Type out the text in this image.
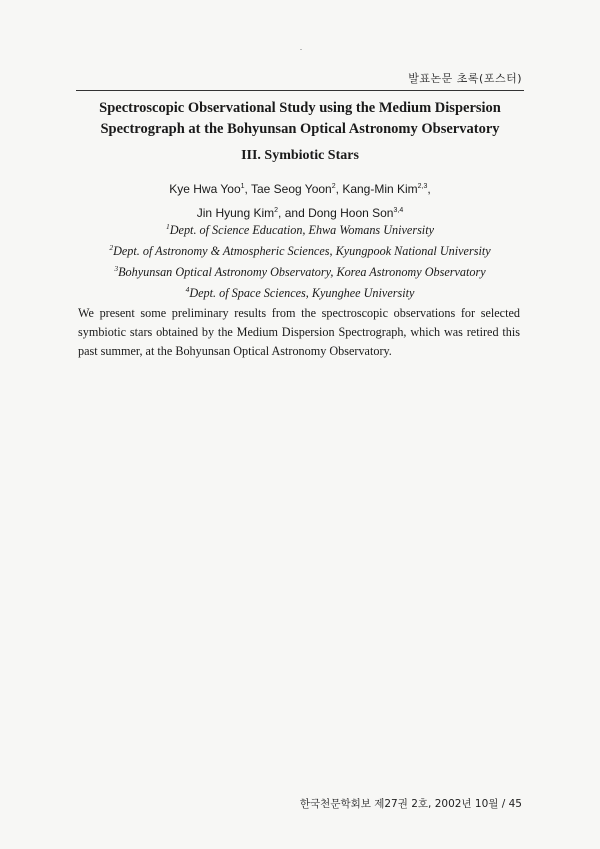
발표논문 초록(포스터)
Spectroscopic Observational Study using the Medium Dispersion
Spectrograph at the Bohyunsan Optical Astronomy Observatory
III. Symbiotic Stars
Kye Hwa Yoo$^1$, Tae Seog Yoon$^2$, Kang-Min Kim$^{2,3}$,
Jin Hyung Kim$^2$, and Dong Hoon Son$^{3,4}$
$^1$Dept. of Science Education, Ehwa Womans University
$^2$Dept. of Astronomy & Atmospheric Sciences, Kyungpook National University
$^3$Bohyunsan Optical Astronomy Observatory, Korea Astronomy Observatory
$^4$Dept. of Space Sciences, Kyunghee University
We present some preliminary results from the spectroscopic observations for selected symbiotic stars obtained by the Medium Dispersion Spectrograph, which was retired this past summer, at the Bohyunsan Optical Astronomy Observatory.
한국천문학회보 제27권 2호, 2002년 10월 / 45
